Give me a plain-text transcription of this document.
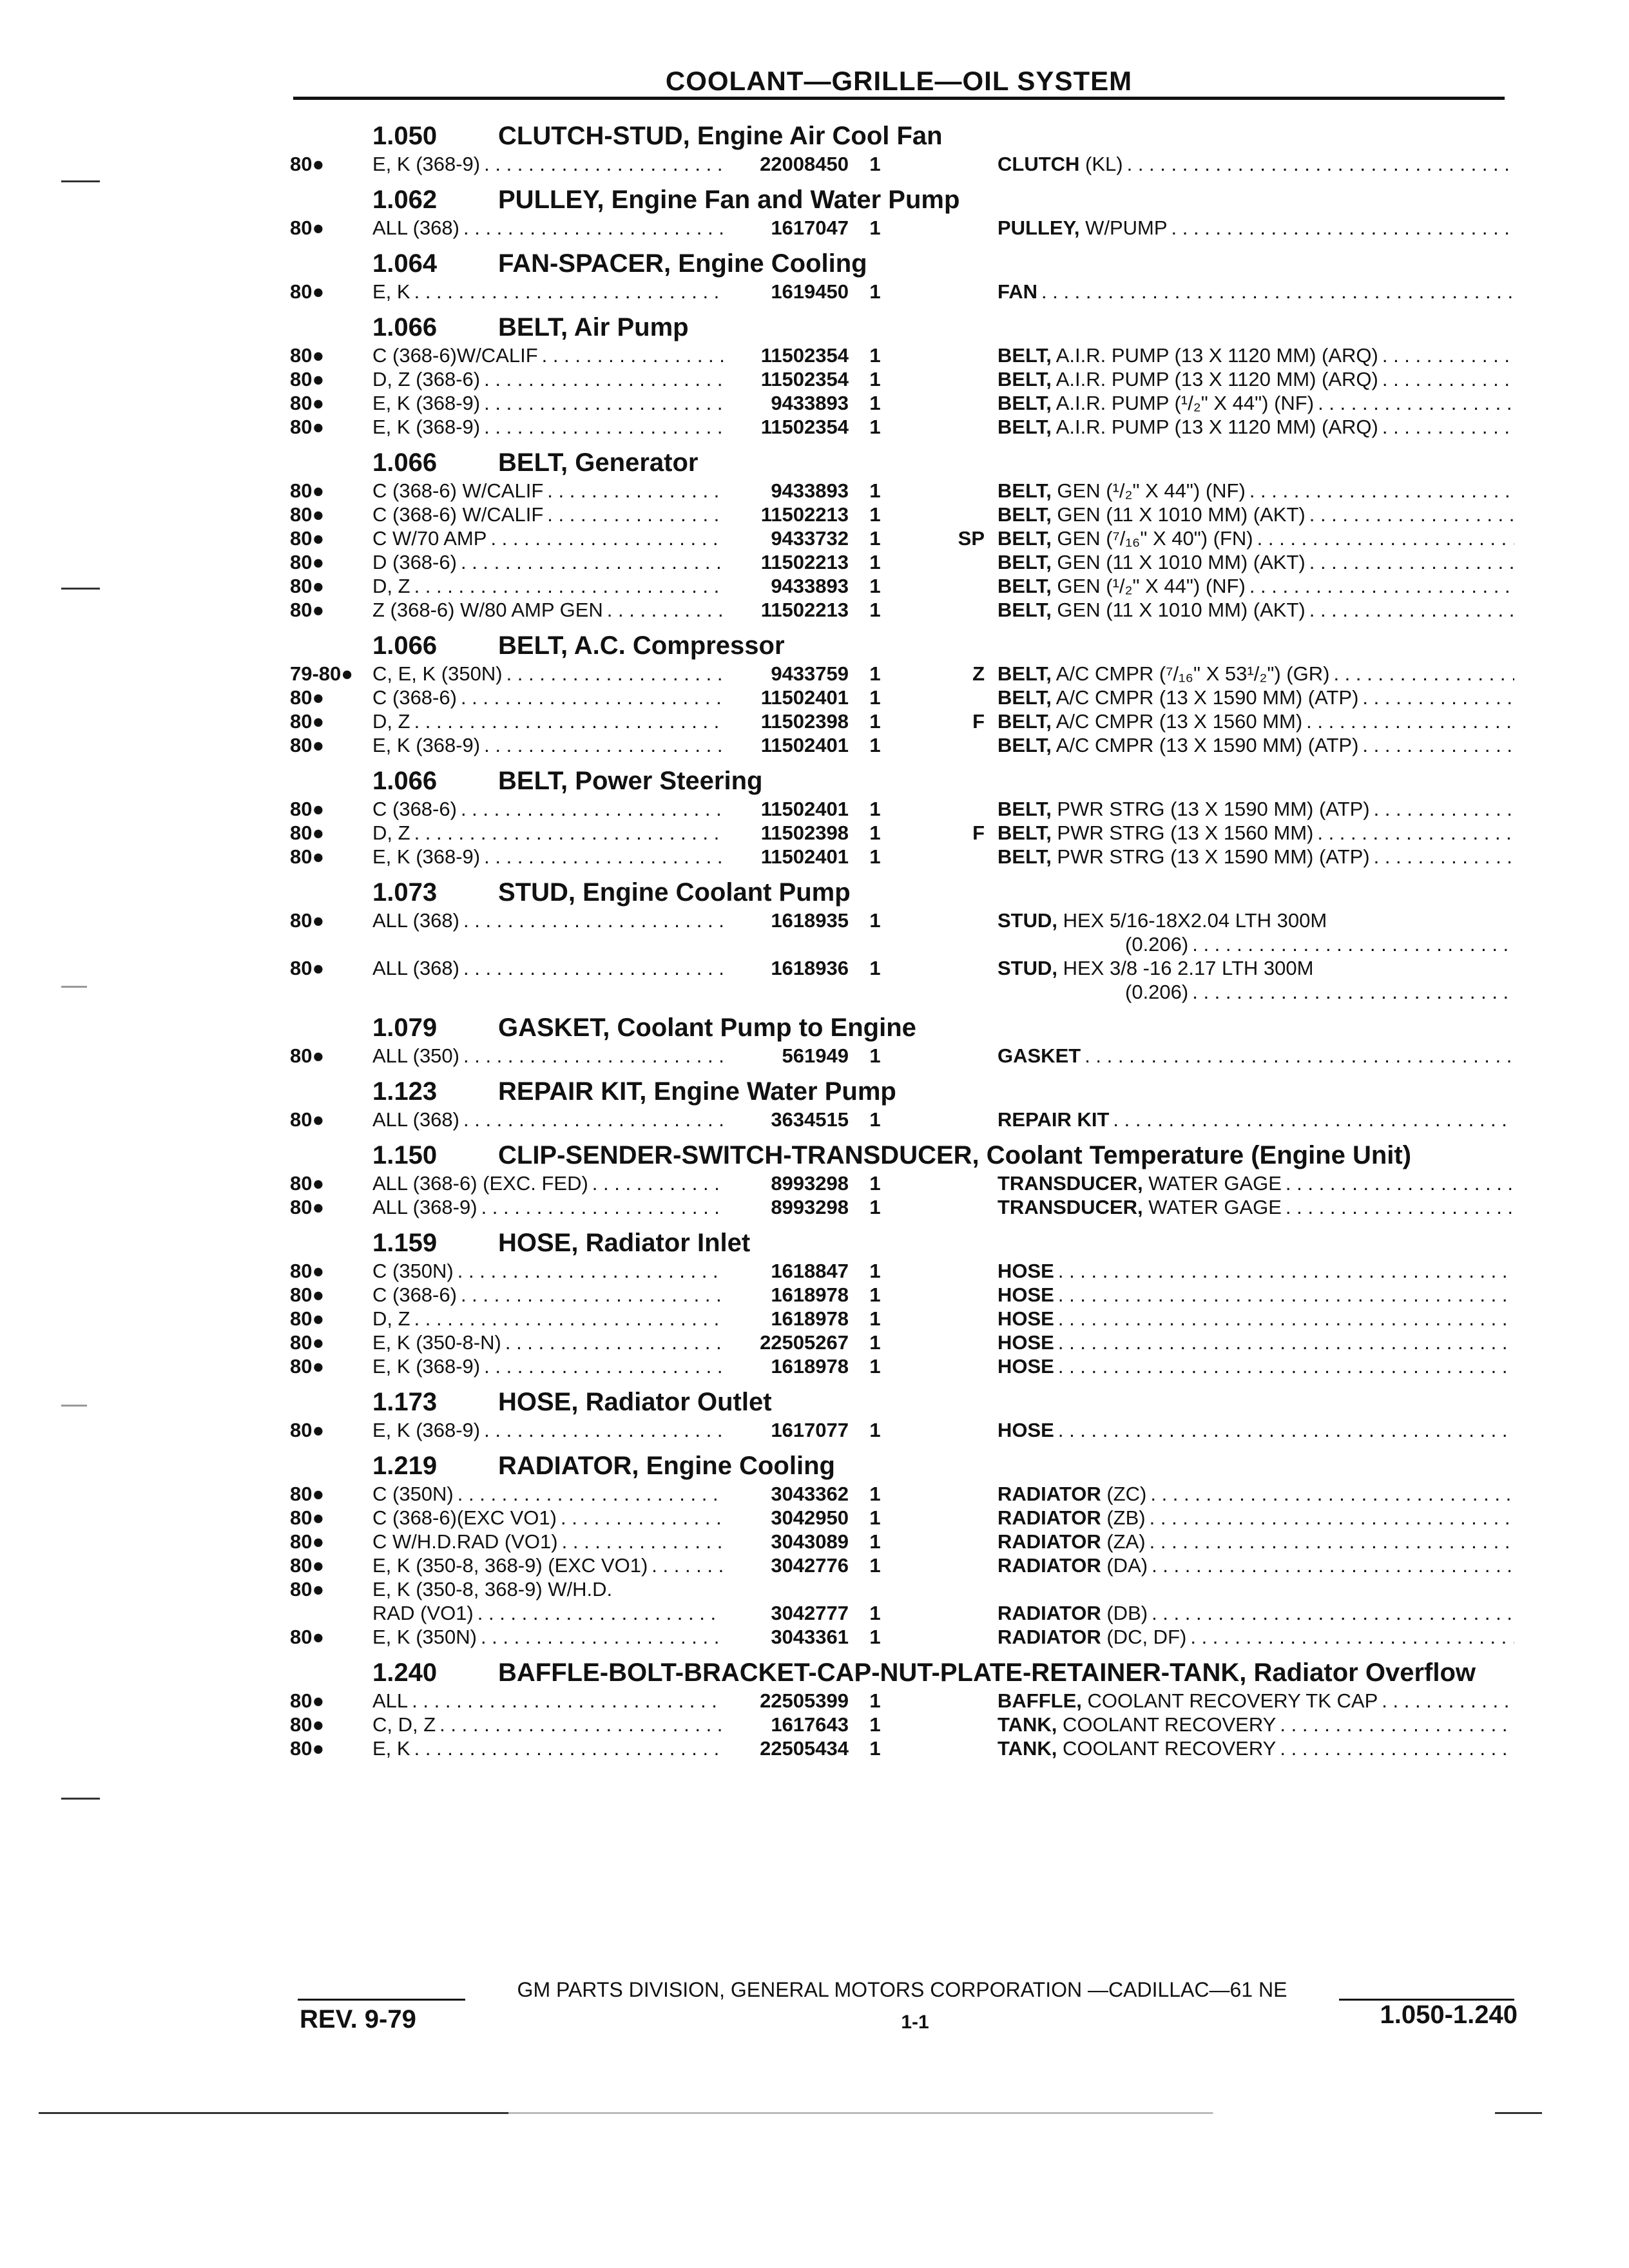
COOLANT—GRILLE—OIL SYSTEM
1.050	CLUTCH-STUD, Engine Air Cool Fan
80●	E, K (368-9) . . .	22008450	1	CLUTCH (KL)
. . .
1.062	PULLEY, Engine Fan and Water Pump
80●	ALL (368) . . .	1617047	1	PULLEY, W/PUMP
. . .
1.064	FAN-SPACER, Engine Cooling
80●	E, K . . .	1619450	1	FAN
. . .
1.066	BELT, Air Pump
80●	C (368-6)W/CALIF . . .	11502354	1	BELT, A.I.R. PUMP (13 X 1120 MM) (ARQ)
. . .
80●	D, Z (368-6) . . .	11502354	1	BELT, A.I.R. PUMP (13 X 1120 MM) (ARQ)
. . .
80●	E, K (368-9) . . .	9433893	1	BELT, A.I.R. PUMP (¹/₂" X 44") (NF)
. . .
80●	E, K (368-9) . . .	11502354	1	BELT, A.I.R. PUMP (13 X 1120 MM) (ARQ)
. . .
1.066	BELT, Generator
80●	C (368-6) W/CALIF . . .	9433893	1	BELT, GEN (¹/₂" X 44") (NF)
. . .
80●	C (368-6) W/CALIF . . .	11502213	1	BELT, GEN (11 X 1010 MM) (AKT)
. . .
80●	C W/70 AMP . . .	9433732	1	SP BELT, GEN (⁷/₁₆" X 40") (FN)
. . .
80●	D (368-6) . . .	11502213	1	BELT, GEN (11 X 1010 MM) (AKT)
. . .
80●	D, Z . . .	9433893	1	BELT, GEN (¹/₂" X 44") (NF)
. . .
80●	Z (368-6) W/80 AMP GEN . . .	11502213	1	BELT, GEN (11 X 1010 MM) (AKT)
. . .
1.066	BELT, A.C. Compressor
79-80● C, E, K (350N) . . .	9433759	1	Z BELT, A/C CMPR (⁷/₁₆" X 53¹/₂") (GR)
. . .
80●	C (368-6) . . .	11502401	1	BELT, A/C CMPR (13 X 1590 MM) (ATP)
. . .
80●	D, Z . . .	11502398	1	F BELT, A/C CMPR (13 X 1560 MM)
. . .
80●	E, K (368-9) . . .	11502401	1	BELT, A/C CMPR (13 X 1590 MM) (ATP)
. . .
1.066	BELT, Power Steering
80●	C (368-6) . . .	11502401	1	BELT, PWR STRG (13 X 1590 MM) (ATP)
. . .
80●	D, Z . . .	11502398	1	F BELT, PWR STRG (13 X 1560 MM)
. . .
80●	E, K (368-9) . . .	11502401	1	BELT, PWR STRG (13 X 1590 MM) (ATP)
. . .
1.073	STUD, Engine Coolant Pump
80●	ALL (368) . . .	1618935	1	STUD, HEX 5/16-18X2.04 LTH 300M
(0.206)
. . .
80●	ALL (368) . . .	1618936	1	STUD, HEX 3/8 -16 2.17 LTH 300M
(0.206)
. . .
1.079	GASKET, Coolant Pump to Engine
80●	ALL (350) . . .	561949	1	GASKET
. . .
1.123	REPAIR KIT, Engine Water Pump
80●	ALL (368) . . .	3634515	1	REPAIR KIT
. . .
1.150	CLIP-SENDER-SWITCH-TRANSDUCER, Coolant Temperature (Engine Unit)
80●	ALL (368-6) (EXC. FED) . . .	8993298	1	TRANSDUCER, WATER GAGE
. . .
80●	ALL (368-9) . . .	8993298	1	TRANSDUCER, WATER GAGE
. . .
1.159	HOSE, Radiator Inlet
80●	C (350N) . . .	1618847	1	HOSE
. . .
80●	C (368-6) . . .	1618978	1	HOSE
. . .
80●	D, Z . . .	1618978	1	HOSE
. . .
80●	E, K (350-8-N) . . .	22505267	1	HOSE
. . .
80●	E, K (368-9) . . .	1618978	1	HOSE
. . .
1.173	HOSE, Radiator Outlet
80●	E, K (368-9) . . .	1617077	1	HOSE
. . .
1.219	RADIATOR, Engine Cooling
80●	C (350N) . . .	3043362	1	RADIATOR (ZC)
. . .
80●	C (368-6)(EXC VO1) . . .	3042950	1	RADIATOR (ZB)
. . .
80●	C W/H.D.RAD (VO1) . . .	3043089	1	RADIATOR (ZA)
. . .
80●	E, K (350-8, 368-9) (EXC VO1) . . .	3042776	1	RADIATOR (DA)
. . .
80●	E, K (350-8, 368-9) W/H.D.
RAD (VO1) . . .	3042777	1	RADIATOR (DB)
. . .
80●	E, K (350N) . . .	3043361	1	RADIATOR (DC, DF)
. . .
1.240	BAFFLE-BOLT-BRACKET-CAP-NUT-PLATE-RETAINER-TANK, Radiator Overflow
80●	ALL . . .	22505399	1	BAFFLE, COOLANT RECOVERY TK CAP
. . .
80●	C, D, Z . . .	1617643	1	TANK, COOLANT RECOVERY
. . .
80●	E, K . . .	22505434	1	TANK, COOLANT RECOVERY
. . .
GM PARTS DIVISION, GENERAL MOTORS CORPORATION —CADILLAC—61 NE
REV. 9-79	1-1	1.050-1.240
